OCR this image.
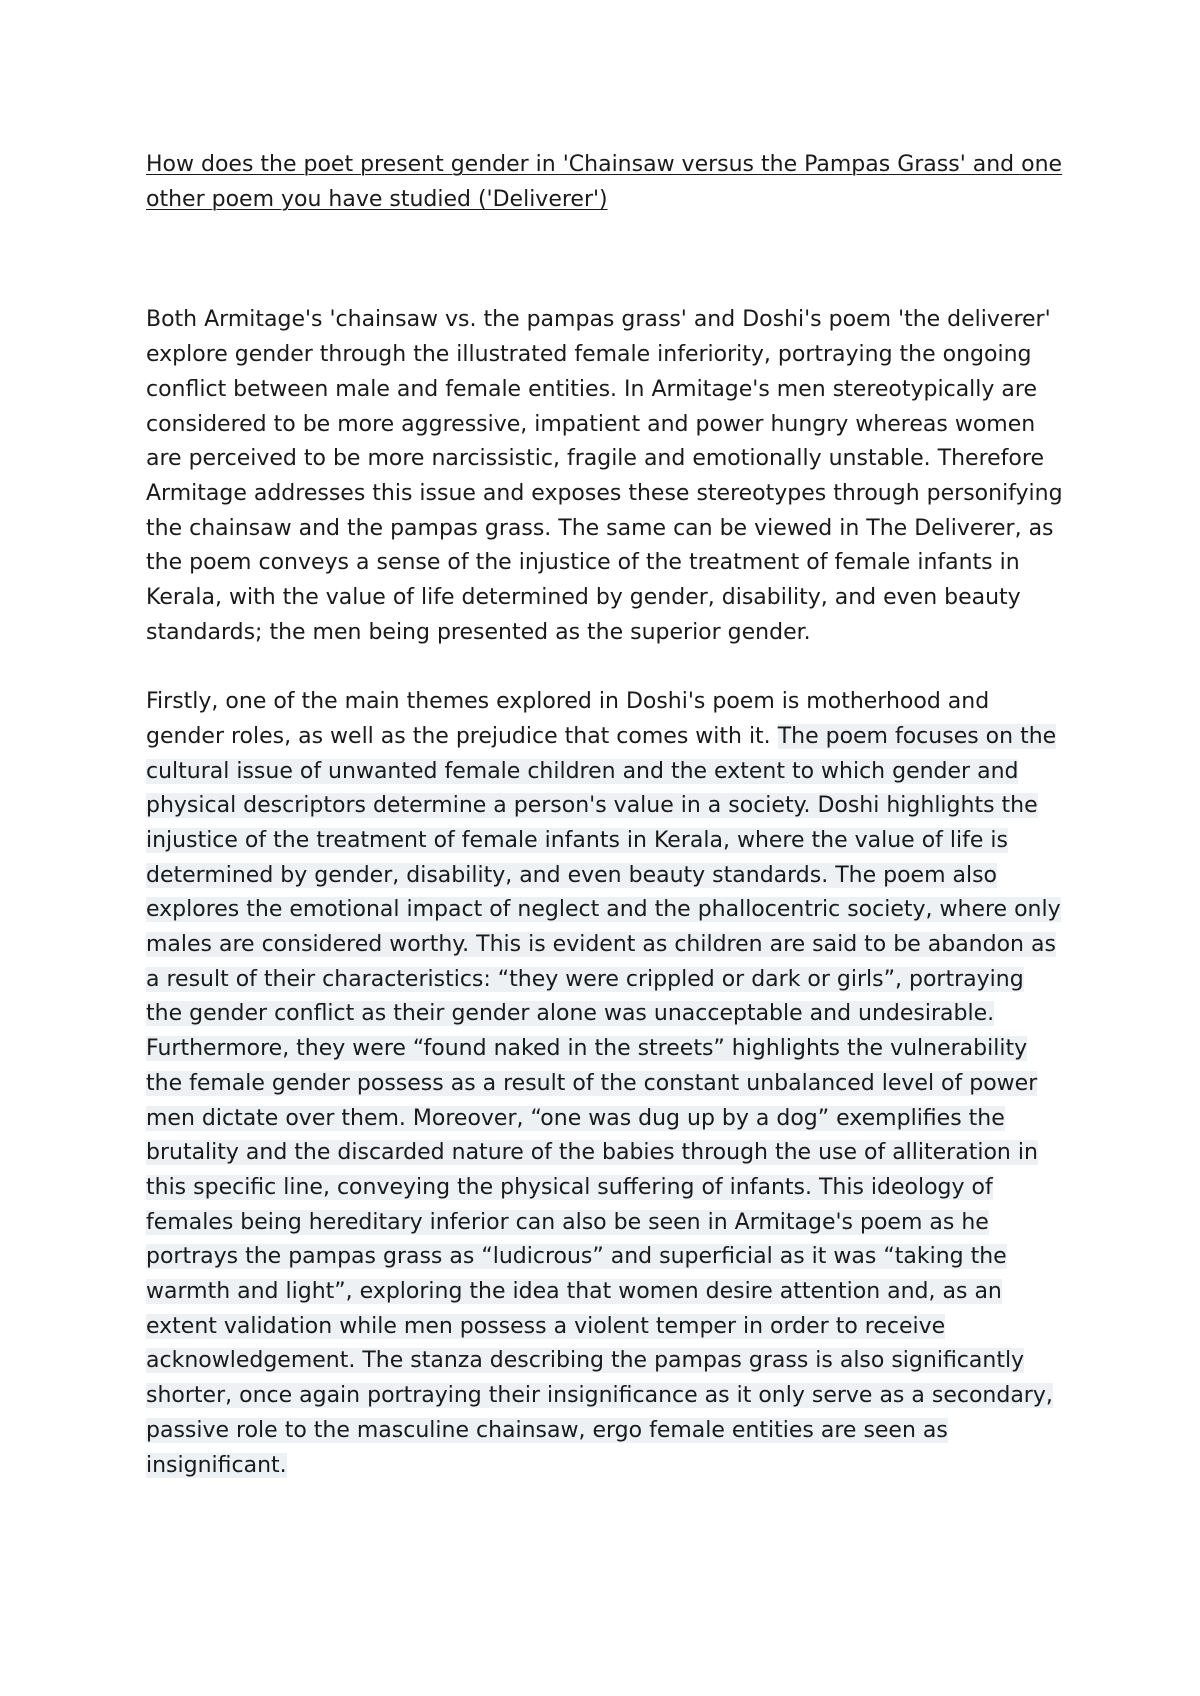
How does the poet present gender in 'Chainsaw versus the Pampas Grass' and one other poem you have studied ('Deliverer')

Both Armitage's 'chainsaw vs. the pampas grass' and Doshi's poem 'the deliverer' explore gender through the illustrated female inferiority, portraying the ongoing conflict between male and female entities. In Armitage's men stereotypically are considered to be more aggressive, impatient and power hungry whereas women are perceived to be more narcissistic, fragile and emotionally unstable. Therefore Armitage addresses this issue and exposes these stereotypes through personifying the chainsaw and the pampas grass. The same can be viewed in The Deliverer, as the poem conveys a sense of the injustice of the treatment of female infants in Kerala, with the value of life determined by gender, disability, and even beauty standards; the men being presented as the superior gender.

Firstly, one of the main themes explored in Doshi's poem is motherhood and gender roles, as well as the prejudice that comes with it. The poem focuses on the cultural issue of unwanted female children and the extent to which gender and physical descriptors determine a person's value in a society. Doshi highlights the injustice of the treatment of female infants in Kerala, where the value of life is determined by gender, disability, and even beauty standards. The poem also explores the emotional impact of neglect and the phallocentric society, where only males are considered worthy. This is evident as children are said to be abandon as a result of their characteristics: “they were crippled or dark or girls”, portraying the gender conflict as their gender alone was unacceptable and undesirable. Furthermore, they were “found naked in the streets” highlights the vulnerability the female gender possess as a result of the constant unbalanced level of power men dictate over them. Moreover, “one was dug up by a dog” exemplifies the brutality and the discarded nature of the babies through the use of alliteration in this specific line, conveying the physical suffering of infants. This ideology of females being hereditary inferior can also be seen in Armitage's poem as he portrays the pampas grass as “ludicrous” and superficial as it was “taking the warmth and light”, exploring the idea that women desire attention and, as an extent validation while men possess a violent temper in order to receive acknowledgement. The stanza describing the pampas grass is also significantly shorter, once again portraying their insignificance as it only serve as a secondary, passive role to the masculine chainsaw, ergo female entities are seen as insignificant.
